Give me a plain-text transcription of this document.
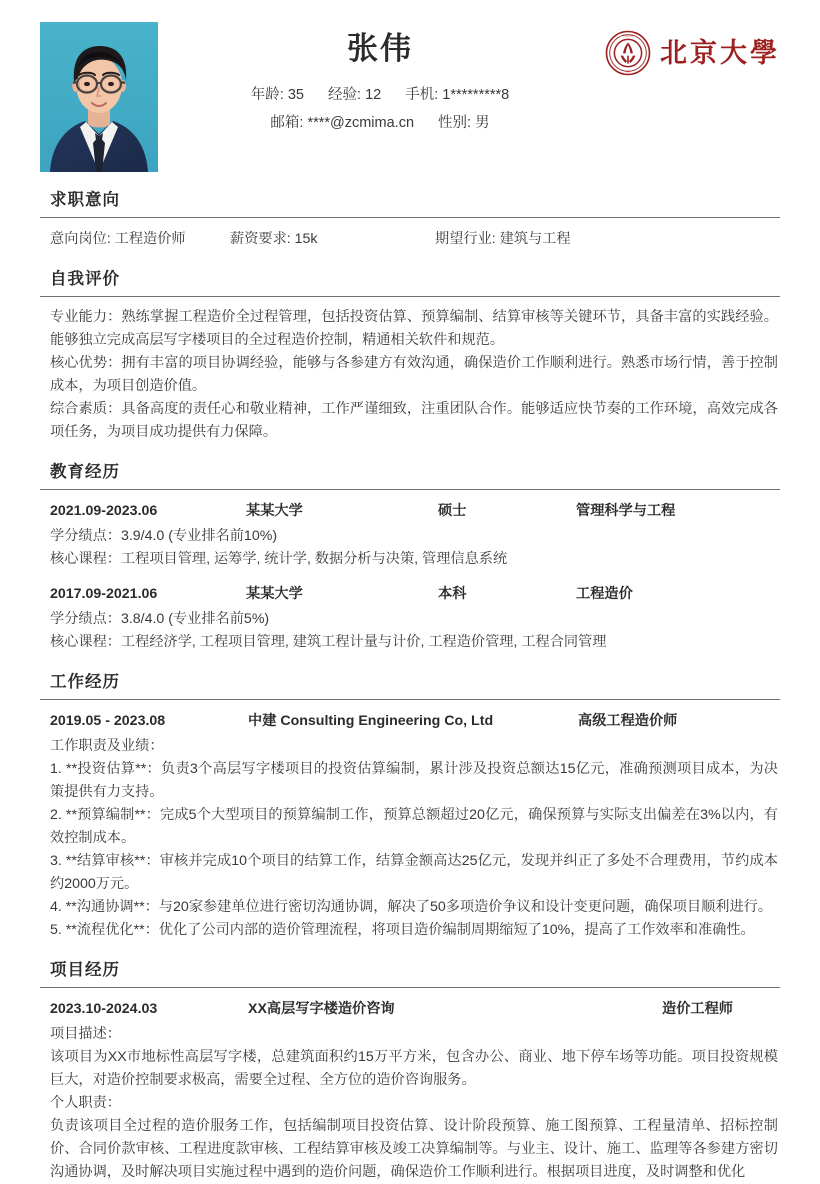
张伟
年龄: 35 经验: 12 手机: 1*********8
邮箱: ****@zcmima.cn 性别: 男
PEKING
1898
北京大學
求职意向
意向岗位: 工程造价师	薪资要求: 15k	期望行业: 建筑与工程
自我评价
专业能力：熟练掌握工程造价全过程管理，包括投资估算、预算编制、结算审核等关键环节，具备丰富的实践经验。能够独立完成高层写字楼项目的全过程造价控制，精通相关软件和规范。
核心优势：拥有丰富的项目协调经验，能够与各参建方有效沟通，确保造价工作顺利进行。熟悉市场行情，善于控制成本，为项目创造价值。
综合素质：具备高度的责任心和敬业精神，工作严谨细致，注重团队合作。能够适应快节奏的工作环境，高效完成各项任务，为项目成功提供有力保障。
教育经历
2021.09-2023.06	某某大学	硕士	管理科学与工程
学分绩点：3.9/4.0 (专业排名前10%)
核心课程：工程项目管理, 运筹学, 统计学, 数据分析与决策, 管理信息系统
2017.09-2021.06	某某大学	本科	工程造价
学分绩点：3.8/4.0 (专业排名前5%)
核心课程：工程经济学, 工程项目管理, 建筑工程计量与计价, 工程造价管理, 工程合同管理
工作经历
2019.05 - 2023.08	中建 Consulting Engineering Co, Ltd	高级工程造价师
工作职责及业绩：
1. **投资估算**：负责3个高层写字楼项目的投资估算编制，累计涉及投资总额达15亿元，准确预测项目成本，为决策提供有力支持。
2. **预算编制**：完成5个大型项目的预算编制工作，预算总额超过20亿元，确保预算与实际支出偏差在3%以内，有效控制成本。
3. **结算审核**：审核并完成10个项目的结算工作，结算金额高达25亿元，发现并纠正了多处不合理费用，节约成本约2000万元。
4. **沟通协调**：与20家参建单位进行密切沟通协调，解决了50多项造价争议和设计变更问题，确保项目顺利进行。
5. **流程优化**：优化了公司内部的造价管理流程，将项目造价编制周期缩短了10%，提高了工作效率和准确性。
项目经历
2023.10-2024.03	XX高层写字楼造价咨询	造价工程师
项目描述：
该项目为XX市地标性高层写字楼，总建筑面积约15万平方米，包含办公、商业、地下停车场等功能。项目投资规模巨大，对造价控制要求极高，需要全过程、全方位的造价咨询服务。
个人职责：
负责该项目全过程的造价服务工作，包括编制项目投资估算、设计阶段预算、施工图预算、工程量清单、招标控制价、合同价款审核、工程进度款审核、工程结算审核及竣工决算编制等。与业主、设计、施工、监理等各参建方密切沟通协调，及时解决项目实施过程中遇到的造价问题，确保造价工作顺利进行。根据项目进度，及时调整和优化
